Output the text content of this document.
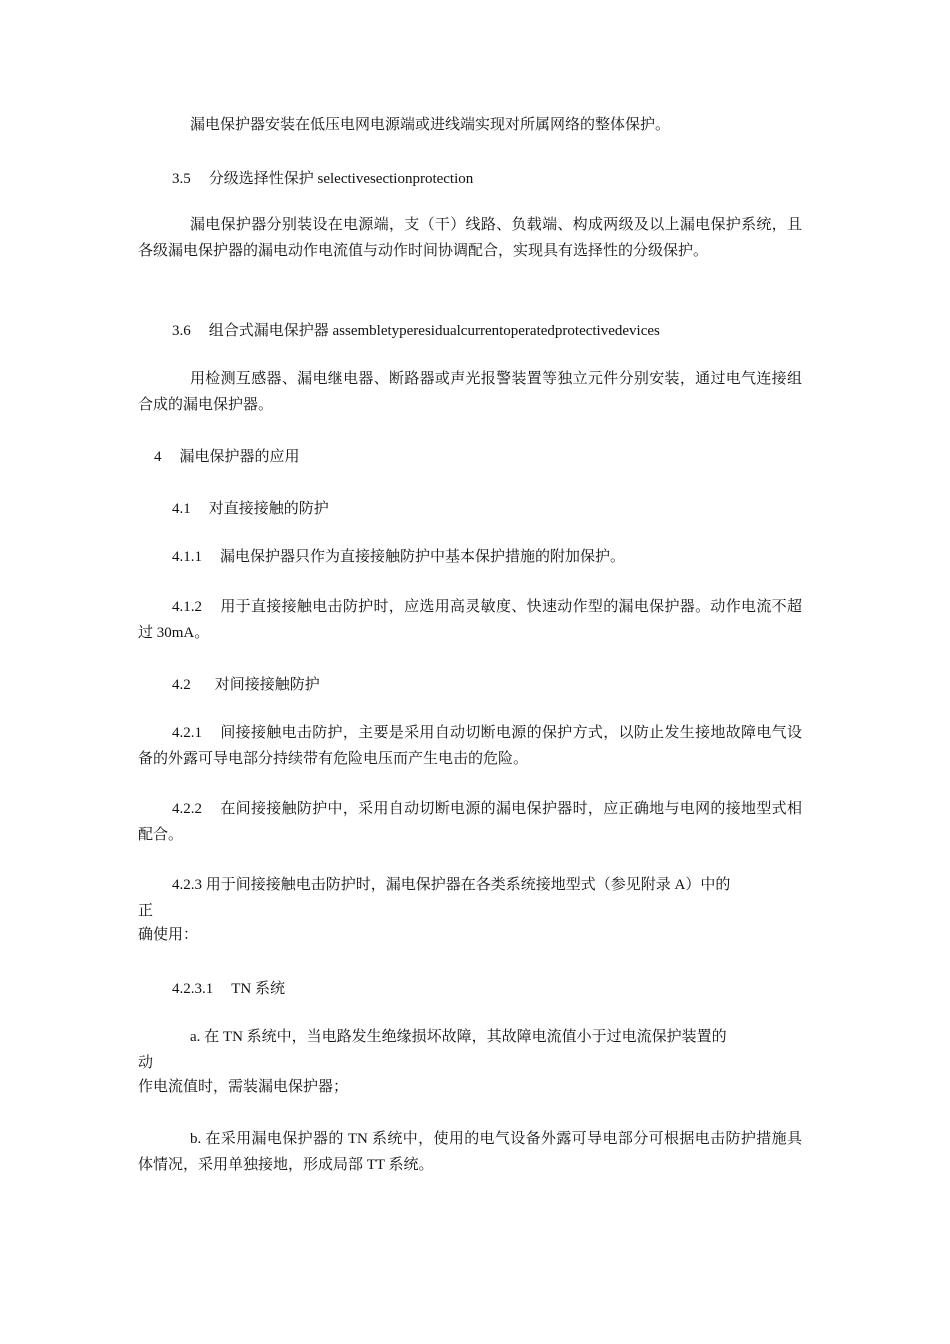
漏电保护器安装在低压电网电源端或进线端实现对所属网络的整体保护。

3.5 分级选择性保护 selectivesectionprotection

漏电保护器分别装设在电源端，支（干）线路、负载端、构成两级及以上漏电保护系统，且各级漏电保护器的漏电动作电流值与动作时间协调配合，实现具有选择性的分级保护。

3.6 组合式漏电保护器 assembletyperesidualcurrentoperatedprotectivedevices

用检测互感器、漏电继电器、断路器或声光报警装置等独立元件分别安装，通过电气连接组合成的漏电保护器。

4 漏电保护器的应用

4.1 对直接接触的防护

4.1.1 漏电保护器只作为直接接触防护中基本保护措施的附加保护。

4.1.2 用于直接接触电击防护时，应选用高灵敏度、快速动作型的漏电保护器。动作电流不超过 30mA。

4.2 对间接接触防护

4.2.1 间接接触电击防护，主要是采用自动切断电源的保护方式，以防止发生接地故障电气设备的外露可导电部分持续带有危险电压而产生电击的危险。

4.2.2 在间接接触防护中，采用自动切断电源的漏电保护器时，应正确地与电网的接地型式相配合。

4.2.3 用于间接接触电击防护时，漏电保护器在各类系统接地型式（参见附录 A）中的

正

确使用：

4.2.3.1 TN 系统

a. 在 TN 系统中，当电路发生绝缘损坏故障，其故障电流值小于过电流保护装置的

动

作电流值时，需装漏电保护器；

b. 在采用漏电保护器的 TN 系统中，使用的电气设备外露可导电部分可根据电击防护措施具体情况，采用单独接地，形成局部 TT 系统。
